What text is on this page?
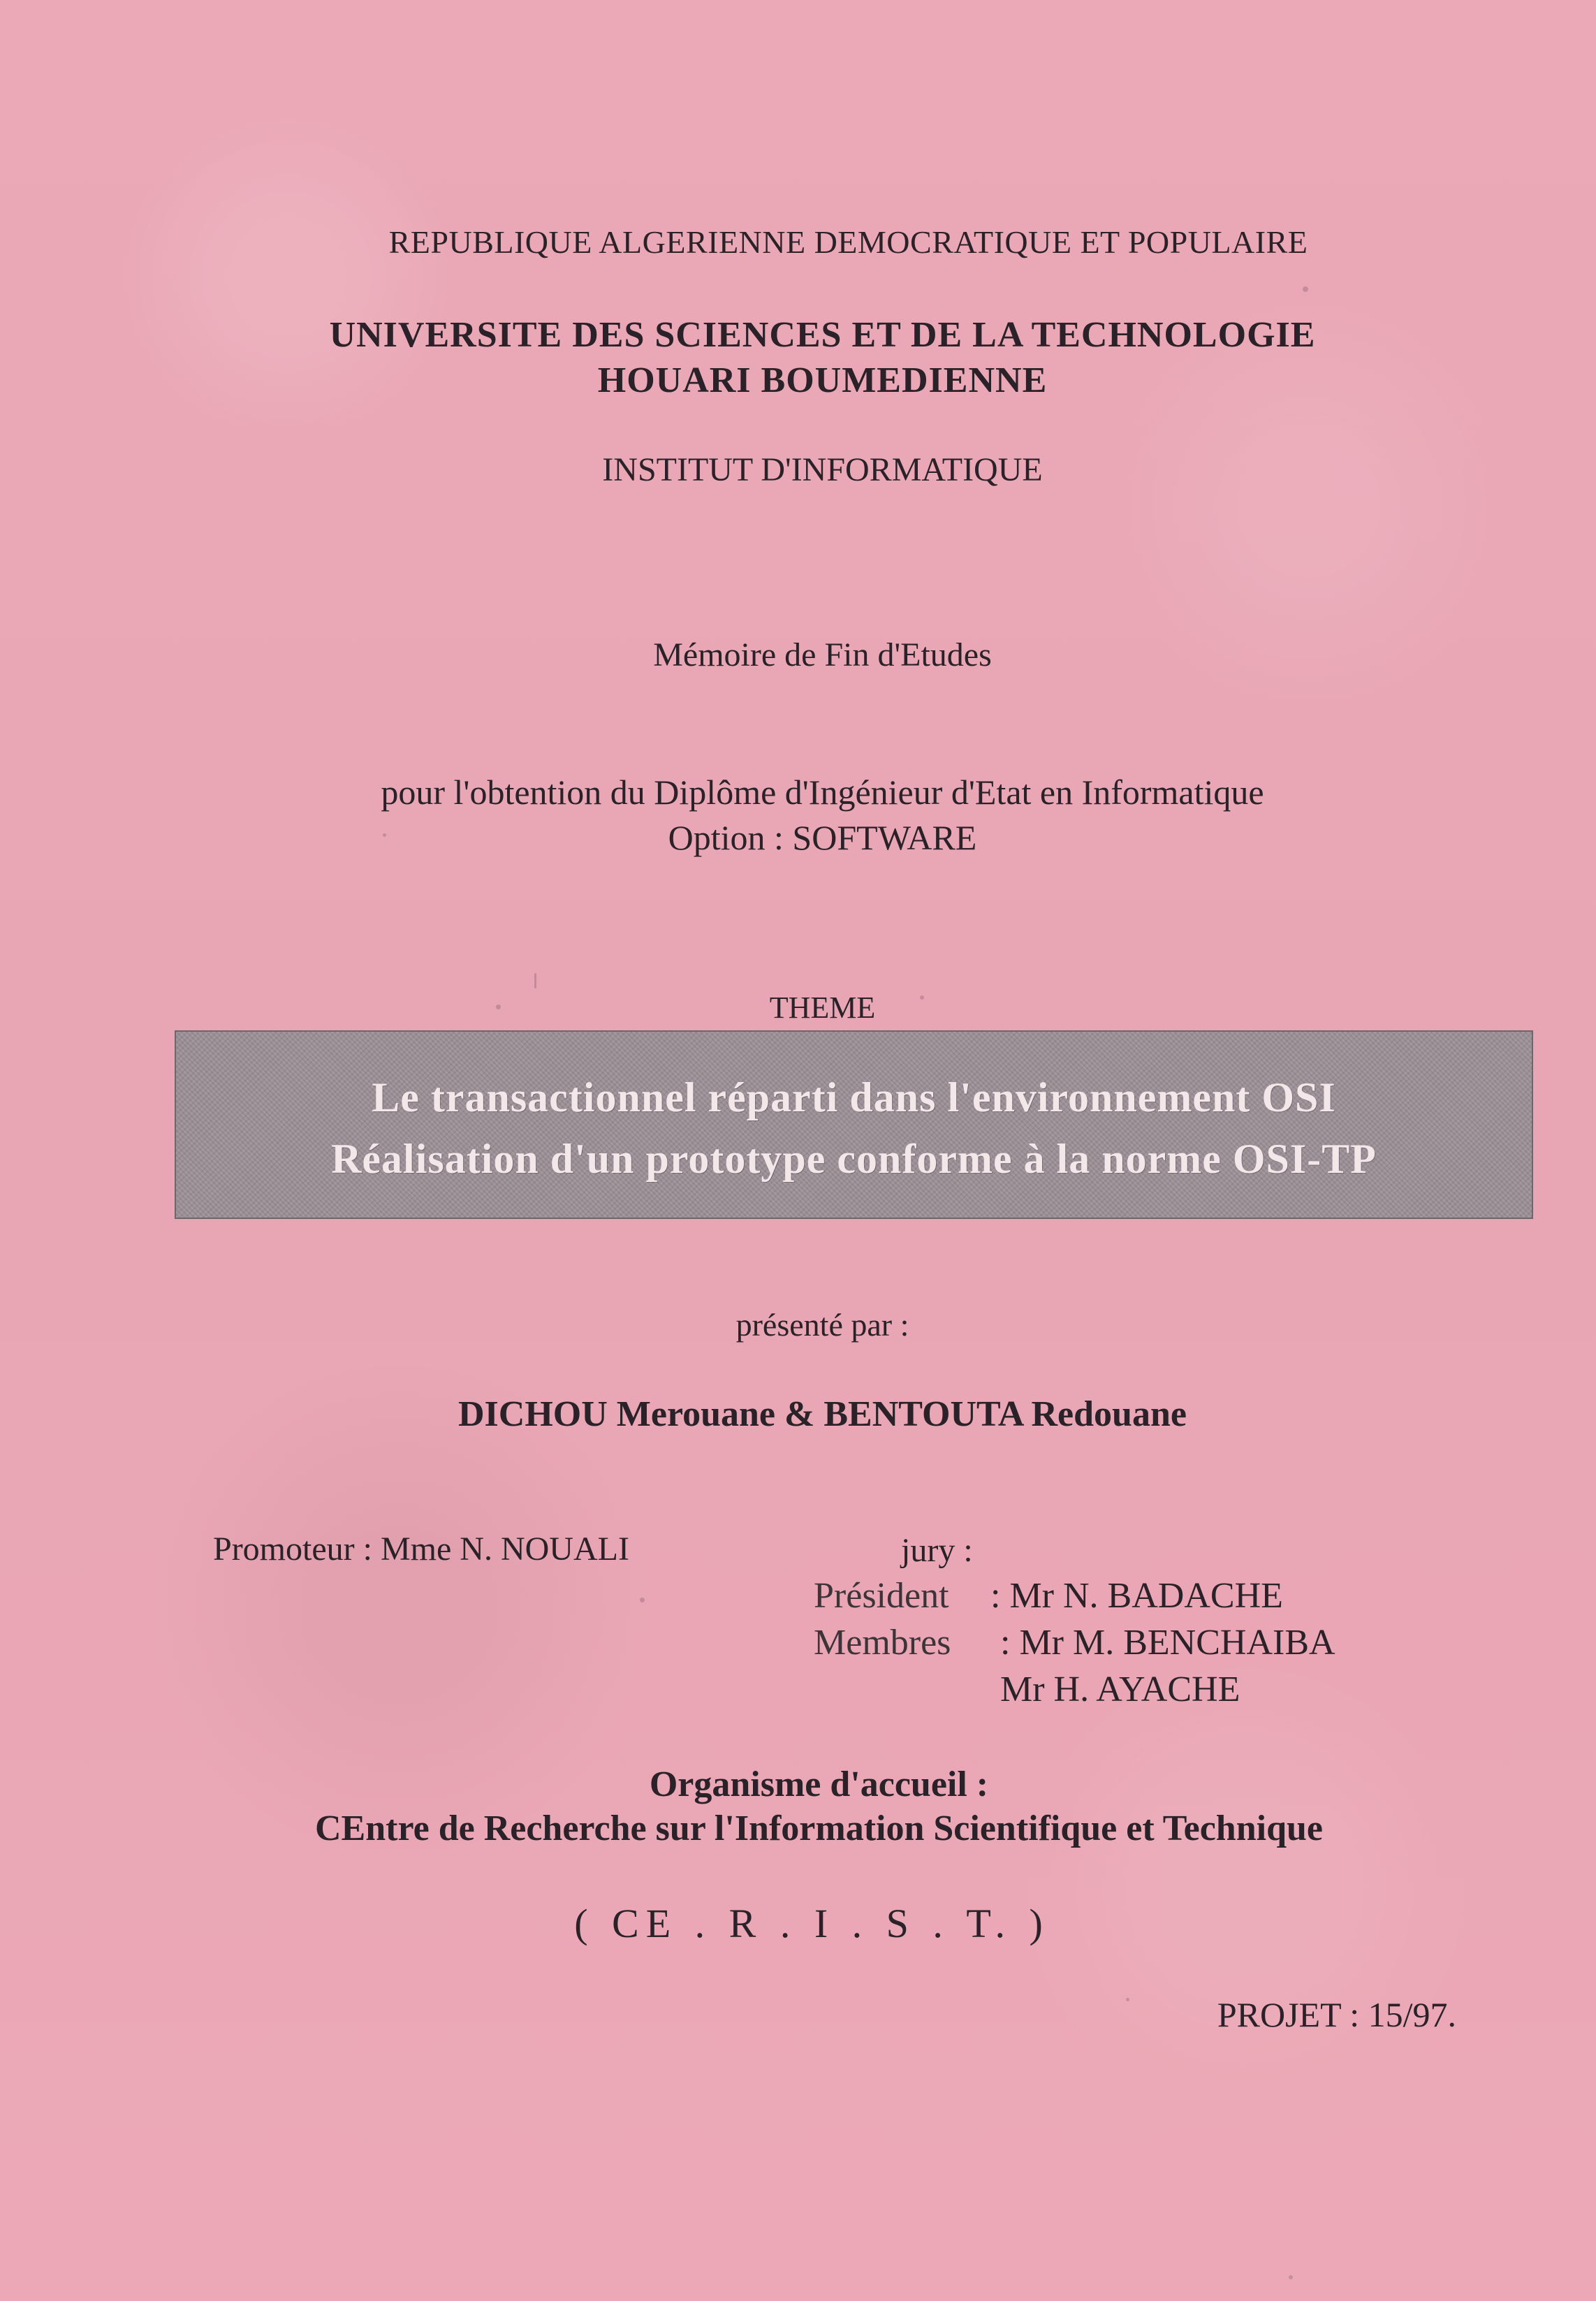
REPUBLIQUE ALGERIENNE DEMOCRATIQUE ET POPULAIRE
UNIVERSITE DES SCIENCES ET DE LA TECHNOLOGIE
HOUARI BOUMEDIENNE
INSTITUT D'INFORMATIQUE
Mémoire de Fin d'Etudes
pour l'obtention du Diplôme d'Ingénieur d'Etat en Informatique
Option : SOFTWARE
THEME
Le transactionnel réparti dans l'environnement OSI
Réalisation d'un prototype conforme à la norme OSI-TP
présenté par :
DICHOU Merouane & BENTOUTA Redouane
Promoteur : Mme N. NOUALI	jury :
Président : Mr N. BADACHE
Membres : Mr M. BENCHAIBA
Mr H. AYACHE
Organisme d'accueil :
CEntre de Recherche sur l'Information Scientifique et Technique
( CE . R . I . S . T. )
PROJET : 15/97.
